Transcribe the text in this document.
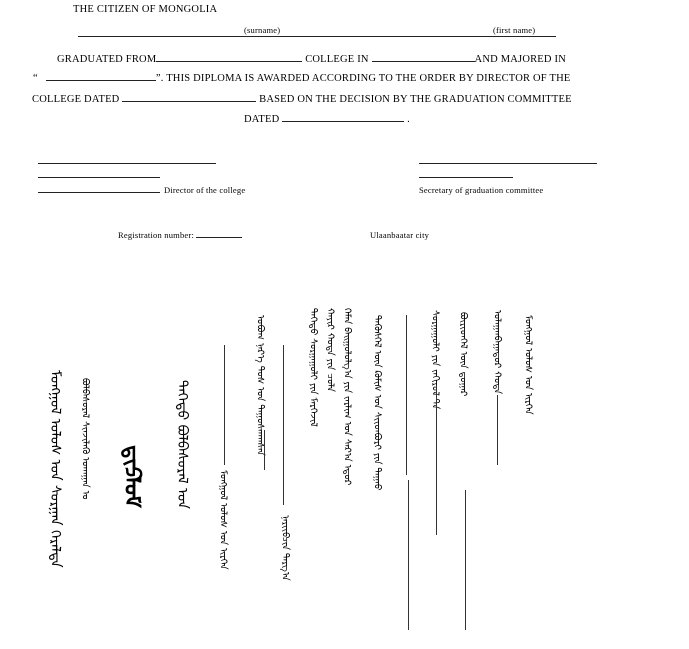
THE CITIZEN OF MONGOLIA
(surname)	(first name)
GRADUATED FROM	COLLEGE IN	AND MAJORED IN
“	”. THIS DIPLOMA IS AWARDED ACCORDING TO THE ORDER BY DIRECTOR OF THE
COLLEGE DATED	BASED ON THE DECISION BY THE GRADUATION COMMITTEE
DATED	.
Director of the college	Secretary of graduation committee
Registration number:	Ulaanbaatar city
ᠮᠤᠩᠭᠤᠯ ᠤᠯᠤᠰ ᠤᠨ ᠰᠤᠷᠭᠠᠨ ᠭᠡᠷᠡᠯᠲᠡ ᠪᠣᠯᠪᠠᠰᠤᠷᠠᠯ ᠰᠢᠨᠵᠢᠯᠡᠬᠦ ᠤᠬᠠᠭᠠᠨ ᠤ ᠳ᠋ᠢᠫᠯᠣᠮ ᠳᠡᠭᠡᠳᠦ ᠪᠣᠯᠪᠠᠰᠤᠷᠠᠯ ᠤᠨ
ᠮᠤᠩᠭᠤᠯ ᠤᠯᠤᠰ ᠤᠨ ᠢᠷᠭᠡᠨ
ᠣᠪᠤᠭ ᠨᠡᠷ᠎ᠡ ᠳᠤᠰ ᠣᠨ ᠳᠠᠭᠤᠰᠬᠠᠭᠰᠠᠨ
ᠨᠠᠷᠢᠢᠪᠴᠢᠨ ᠳᠠᠷᠭ᠎ᠠ
ᠳᠡᠭᠡᠳᠦ ᠰᠤᠷᠭᠠᠭᠤᠯᠢ ᠶᠢᠨ ᠮᠡᠷᠭᠡᠵᠢᠯ ᠬᠠᠶᠢᠷ ᠬᠣᠲᠠ ᠶᠢᠨ ᠴᠤᠯᠠ ᠬᠡᠮᠡᠨ ᠪᠠᠢᠭᠤᠯᠤᠯᠭ᠎ᠠ ᠶᠢᠨ ᠵᠠᠷᠯᠢᠭ ᠣᠨ ᠰᠠᠷ᠎ᠠ ᠡᠳᠦᠷ ᠲᠡᠭᠦᠰᠬᠡᠯ ᠦᠨ ᠺᠣᠮᠢᠰ ᠤᠨ ᠰᠢᠢᠳᠪᠦᠷᠢ ᠶᠢᠨ ᠳᠠᠭᠠᠤ	ᠰᠤᠷᠭᠠᠭᠤᠯᠢ ᠶᠢᠨ ᠵᠠᠬᠢᠷᠤᠯ ᠲᠠ ᠪᠦᠷᠢᠳᠭᠡᠯ ᠦᠨ ᠳ᠋ᠤᠭᠠᠷ ᠤᠯᠠᠭᠠᠨᠪᠠᠭᠠᠲᠤᠷ ᠬᠣᠲᠠ ᠮᠤᠩᠭᠤᠯ ᠤᠯᠤᠰ ᠤᠨ ᠢᠷᠭᠡᠨ
